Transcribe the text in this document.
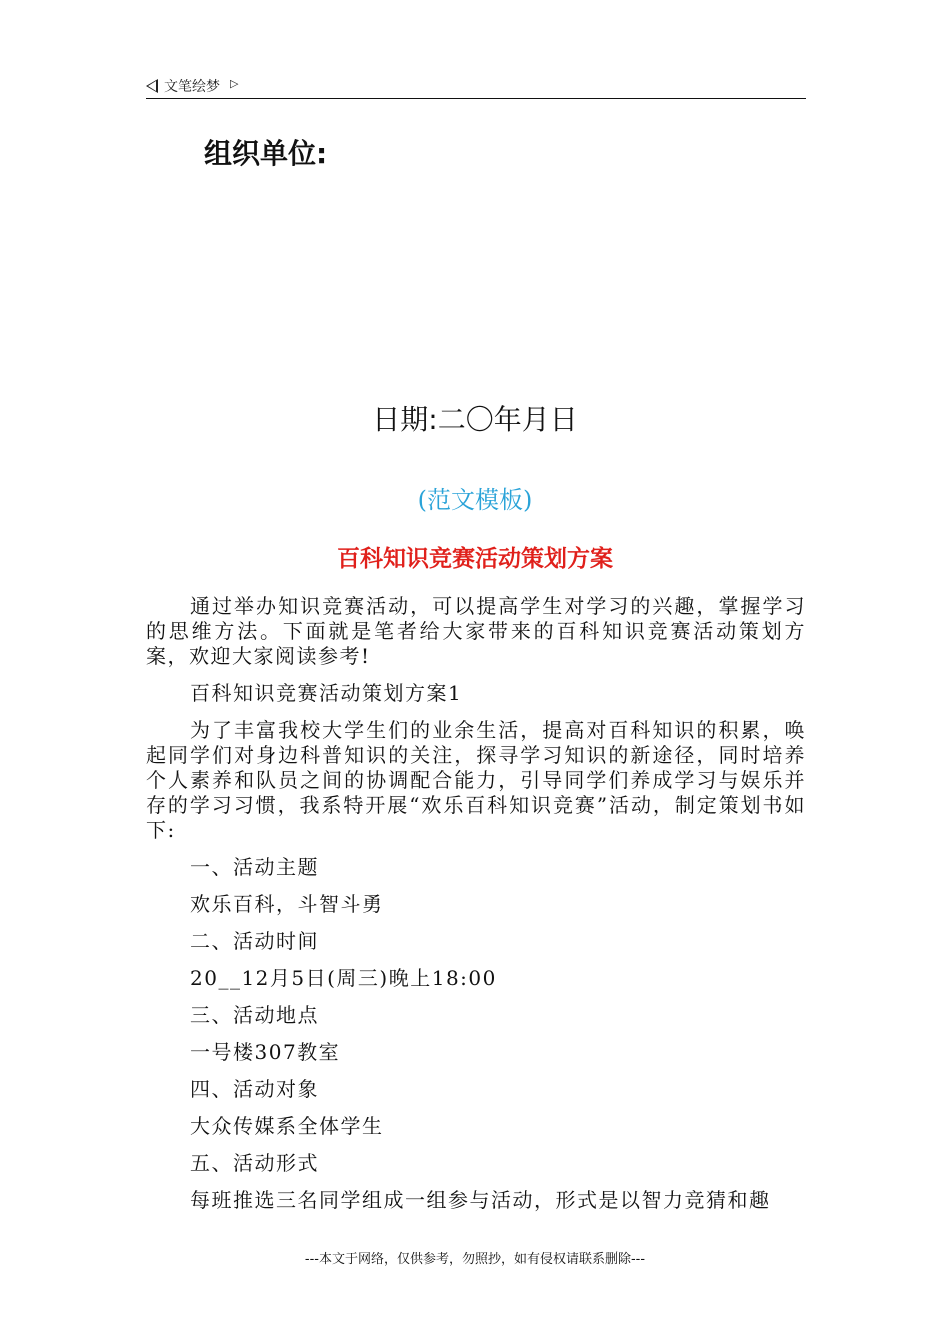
文笔绘梦 ▷
组织单位:
日期:二〇年月日
(范文模板)
百科知识竞赛活动策划方案

通过举办知识竞赛活动，可以提高学生对学习的兴趣，掌握学习的思维方法。下面就是笔者给大家带来的百科知识竞赛活动策划方案，欢迎大家阅读参考!

百科知识竞赛活动策划方案1

为了丰富我校大学生们的业余生活，提高对百科知识的积累，唤起同学们对身边科普知识的关注，探寻学习知识的新途径，同时培养个人素养和队员之间的协调配合能力，引导同学们养成学习与娱乐并存的学习习惯，我系特开展“欢乐百科知识竞赛”活动，制定策划书如下:

一、活动主题

欢乐百科，斗智斗勇

二、活动时间

20__12月5日(周三)晚上18:00

三、活动地点

一号楼307教室

四、活动对象

大众传媒系全体学生

五、活动形式

每班推选三名同学组成一组参与活动，形式是以智力竞猜和趣

---本文于网络，仅供参考，勿照抄，如有侵权请联系删除---
